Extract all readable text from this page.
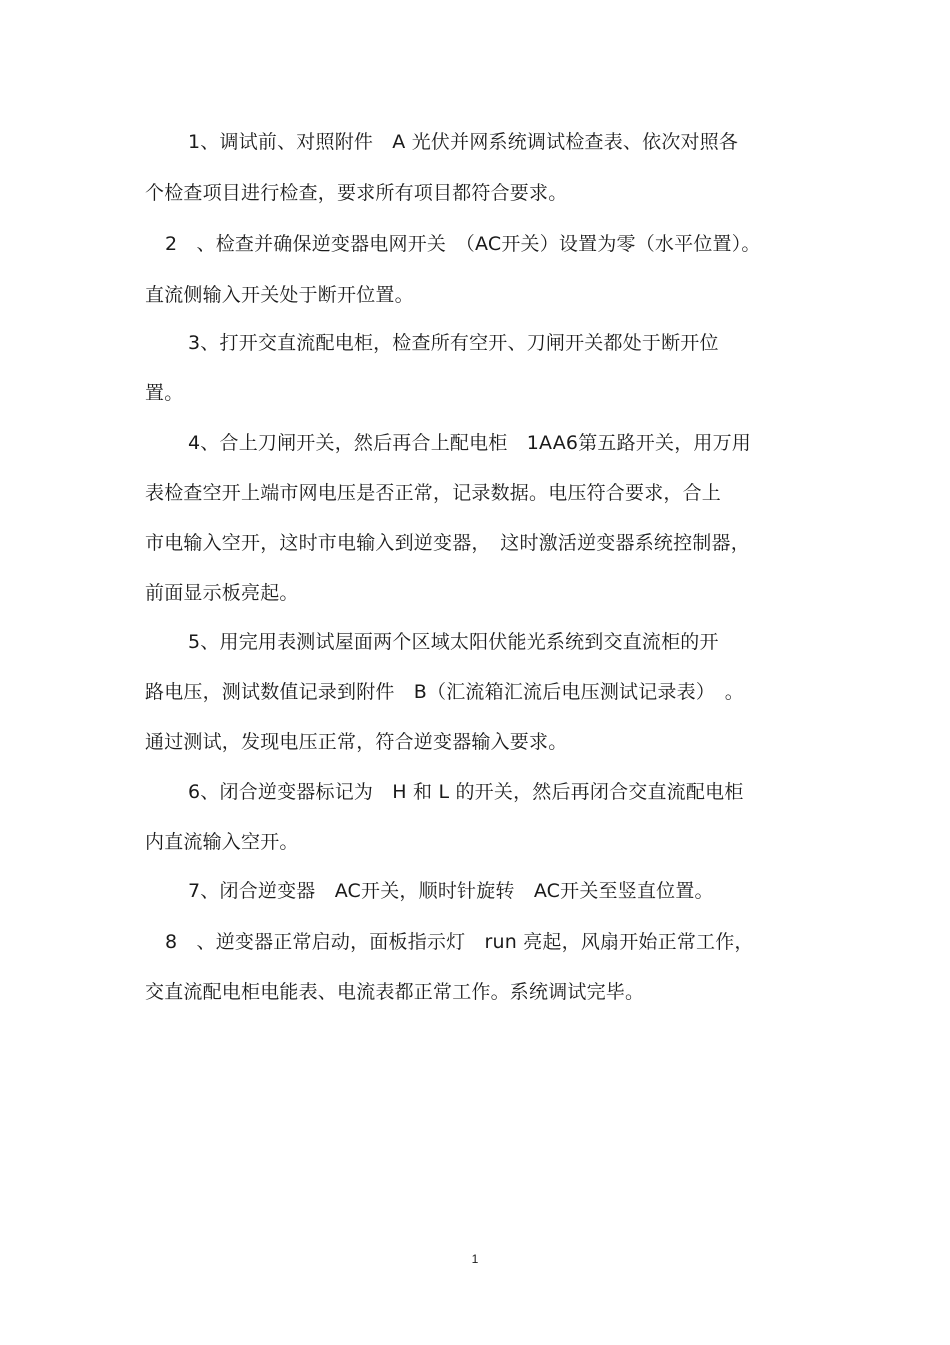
1、调试前、对照附件　A 光伏并网系统调试检查表、依次对照各
个检查项目进行检查，要求所有项目都符合要求。
2　、检查并确保逆变器电网开关　（AC开关）设置为零（水平位置）。
直流侧输入开关处于断开位置。
3、打开交直流配电柜，检查所有空开、刀闸开关都处于断开位
置。
4、合上刀闸开关，然后再合上配电柜　1AA6第五路开关，用万用
表检查空开上端市网电压是否正常，记录数据。电压符合要求，合上
市电输入空开，这时市电输入到逆变器，　这时激活逆变器系统控制器，
前面显示板亮起。
5、用完用表测试屋面两个区域太阳伏能光系统到交直流柜的开
路电压，测试数值记录到附件　B（汇流箱汇流后电压测试记录表）　。
通过测试，发现电压正常，符合逆变器输入要求。
6、闭合逆变器标记为　H 和 L 的开关，然后再闭合交直流配电柜
内直流输入空开。
7、闭合逆变器　AC开关，顺时针旋转　AC开关至竖直位置。
8　、逆变器正常启动，面板指示灯　run 亮起，风扇开始正常工作，
交直流配电柜电能表、电流表都正常工作。系统调试完毕。
1
